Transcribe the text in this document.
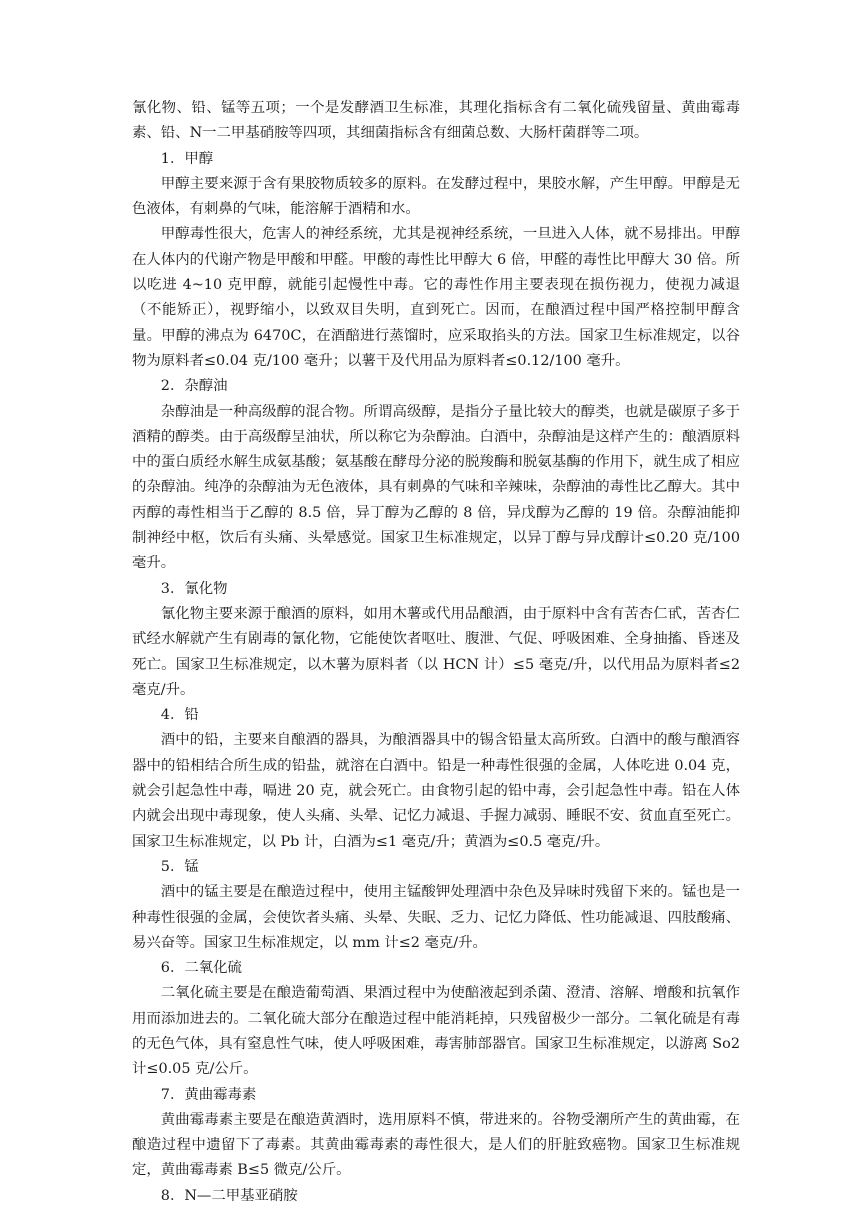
氰化物、铅、锰等五项；一个是发酵酒卫生标准，其理化指标含有二氧化硫残留量、黄曲霉毒素、铅、N一二甲基硝胺等四项，其细菌指标含有细菌总数、大肠杆菌群等二项。

1．甲醇

甲醇主要来源于含有果胶物质较多的原料。在发酵过程中，果胶水解，产生甲醇。甲醇是无色液体，有刺鼻的气味，能溶解于酒精和水。

甲醇毒性很大，危害人的神经系统，尤其是视神经系统，一旦进入人体，就不易排出。甲醇在人体内的代谢产物是甲酸和甲醛。甲酸的毒性比甲醇大 6 倍，甲醛的毒性比甲醇大 30 倍。所以吃进 4~10 克甲醇，就能引起慢性中毒。它的毒性作用主要表现在损伤视力，使视力减退（不能矫正），视野缩小，以致双目失明，直到死亡。因而，在酿酒过程中国严格控制甲醇含量。甲醇的沸点为 6470C，在酒醅进行蒸馏时，应采取掐头的方法。国家卫生标准规定，以谷物为原料者≤0.04 克/100 毫升；以薯干及代用品为原料者≤0.12/100 毫升。

2．杂醇油

杂醇油是一种高级醇的混合物。所谓高级醇，是指分子量比较大的醇类，也就是碳原子多于酒精的醇类。由于高级醇呈油状，所以称它为杂醇油。白酒中，杂醇油是这样产生的：酿酒原料中的蛋白质经水解生成氨基酸；氨基酸在酵母分泌的脱羧酶和脱氨基酶的作用下，就生成了相应的杂醇油。纯净的杂醇油为无色液体，具有刺鼻的气味和辛辣味，杂醇油的毒性比乙醇大。其中丙醇的毒性相当于乙醇的 8.5 倍，异丁醇为乙醇的 8 倍，异戊醇为乙醇的 19 倍。杂醇油能抑制神经中枢，饮后有头痛、头晕感觉。国家卫生标准规定，以异丁醇与异戊醇计≤0.20 克/100 毫升。

3．氰化物

氰化物主要来源于酿酒的原料，如用木薯或代用品酿酒，由于原料中含有苦杏仁甙，苦杏仁甙经水解就产生有剧毒的氰化物，它能使饮者呕吐、腹泄、气促、呼吸困难、全身抽搐、昏迷及死亡。国家卫生标准规定，以木薯为原料者（以 HCN 计）≤5 毫克/升，以代用品为原料者≤2 毫克/升。

4．铅

酒中的铅，主要来自酿酒的器具，为酿酒器具中的锡含铅量太高所致。白酒中的酸与酿酒容器中的铅相结合所生成的铅盐，就溶在白酒中。铅是一种毒性很强的金属，人体吃进 0.04 克，就会引起急性中毒，嗝进 20 克，就会死亡。由食物引起的铅中毒，会引起急性中毒。铅在人体内就会出现中毒现象，使人头痛、头晕、记忆力减退、手握力减弱、睡眠不安、贫血直至死亡。国家卫生标准规定，以 Pb 计，白酒为≤1 毫克/升；黄酒为≤0.5 毫克/升。

5．锰

酒中的锰主要是在酿造过程中，使用主锰酸钾处理酒中杂色及异味时残留下来的。锰也是一种毒性很强的金属，会使饮者头痛、头晕、失眠、乏力、记忆力降低、性功能减退、四肢酸痛、易兴奋等。国家卫生标准规定，以 mm 计≤2 毫克/升。

6．二氧化硫

二氧化硫主要是在酿造葡萄酒、果酒过程中为使醅液起到杀菌、澄清、溶解、增酸和抗氧作用而添加进去的。二氧化硫大部分在酿造过程中能消耗掉，只残留极少一部分。二氧化硫是有毒的无色气体，具有窒息性气味，使人呼吸困难，毒害肺部器官。国家卫生标准规定，以游离 So2 计≤0.05 克/公斤。

7．黄曲霉毒素

黄曲霉毒素主要是在酿造黄酒时，选用原料不慎，带进来的。谷物受潮所产生的黄曲霉，在酿造过程中遗留下了毒素。其黄曲霉毒素的毒性很大，是人们的肝脏致癌物。国家卫生标准规定，黄曲霉毒素 B≤5 微克/公斤。

8．N—二甲基亚硝胺
